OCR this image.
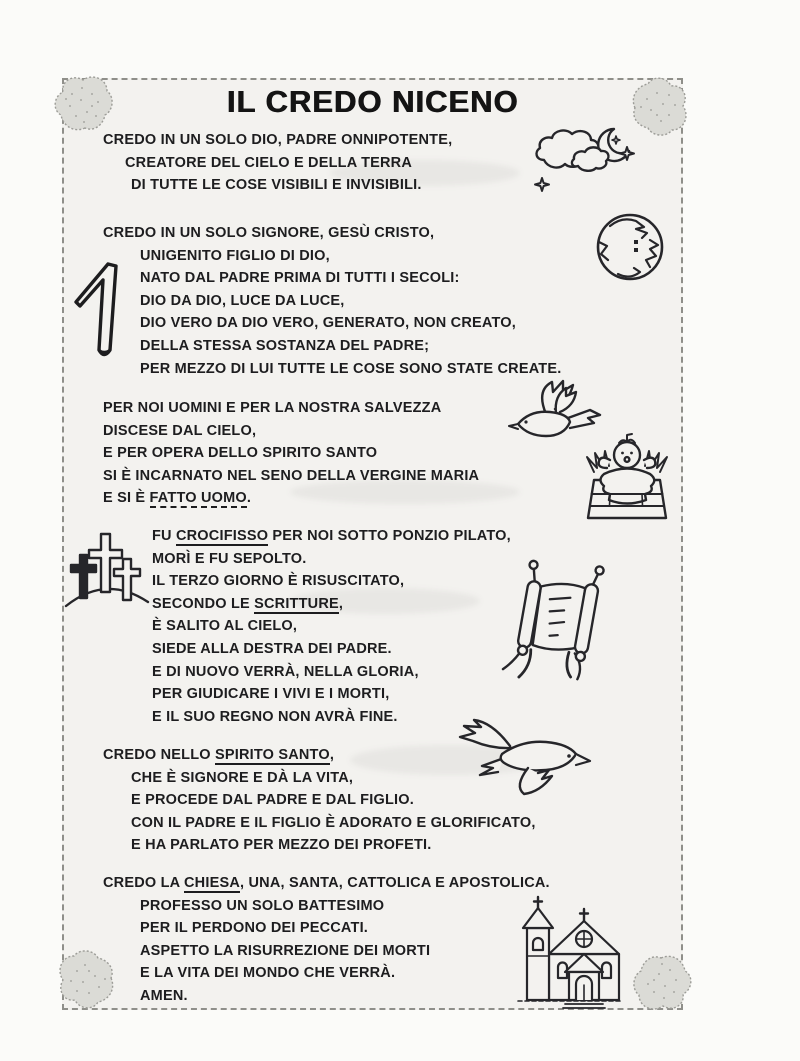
IL CREDO NICENO
CREDO IN UN SOLO DIO, PADRE ONNIPOTENTE,
CREATORE DEL CIELO E DELLA TERRA
DI TUTTE LE COSE VISIBILI E INVISIBILI.
CREDO IN UN SOLO SIGNORE, GESÙ CRISTO,
UNIGENITO FIGLIO DI DIO,
NATO DAL PADRE PRIMA DI TUTTI I SECOLI:
DIO DA DIO, LUCE DA LUCE,
DIO VERO DA DIO VERO, GENERATO, NON CREATO,
DELLA STESSA SOSTANZA DEL PADRE;
PER MEZZO DI LUI TUTTE LE COSE SONO STATE CREATE.
PER NOI UOMINI E PER LA NOSTRA SALVEZZA
DISCESE DAL CIELO,
E PER OPERA DELLO SPIRITO SANTO
SI È INCARNATO NEL SENO DELLA VERGINE MARIA
E SI È FATTO UOMO.
FU CROCIFISSO PER NOI SOTTO PONZIO PILATO,
MORÌ E FU SEPOLTO.
IL TERZO GIORNO È RISUSCITATO,
SECONDO LE SCRITTURE,
È SALITO AL CIELO,
SIEDE ALLA DESTRA DEI PADRE.
E DI NUOVO VERRÀ, NELLA GLORIA,
PER GIUDICARE I VIVI E I MORTI,
E IL SUO REGNO NON AVRÀ FINE.
CREDO NELLO SPIRITO SANTO,
CHE È SIGNORE E DÀ LA VITA,
E PROCEDE DAL PADRE E DAL FIGLIO.
CON IL PADRE E IL FIGLIO È ADORATO E GLORIFICATO,
E HA PARLATO PER MEZZO DEI PROFETI.
CREDO LA CHIESA, UNA, SANTA, CATTOLICA E APOSTOLICA.
PROFESSO UN SOLO BATTESIMO
PER IL PERDONO DEI PECCATI.
ASPETTO LA RISURREZIONE DEI MORTI
E LA VITA DEI MONDO CHE VERRÀ.
AMEN.
